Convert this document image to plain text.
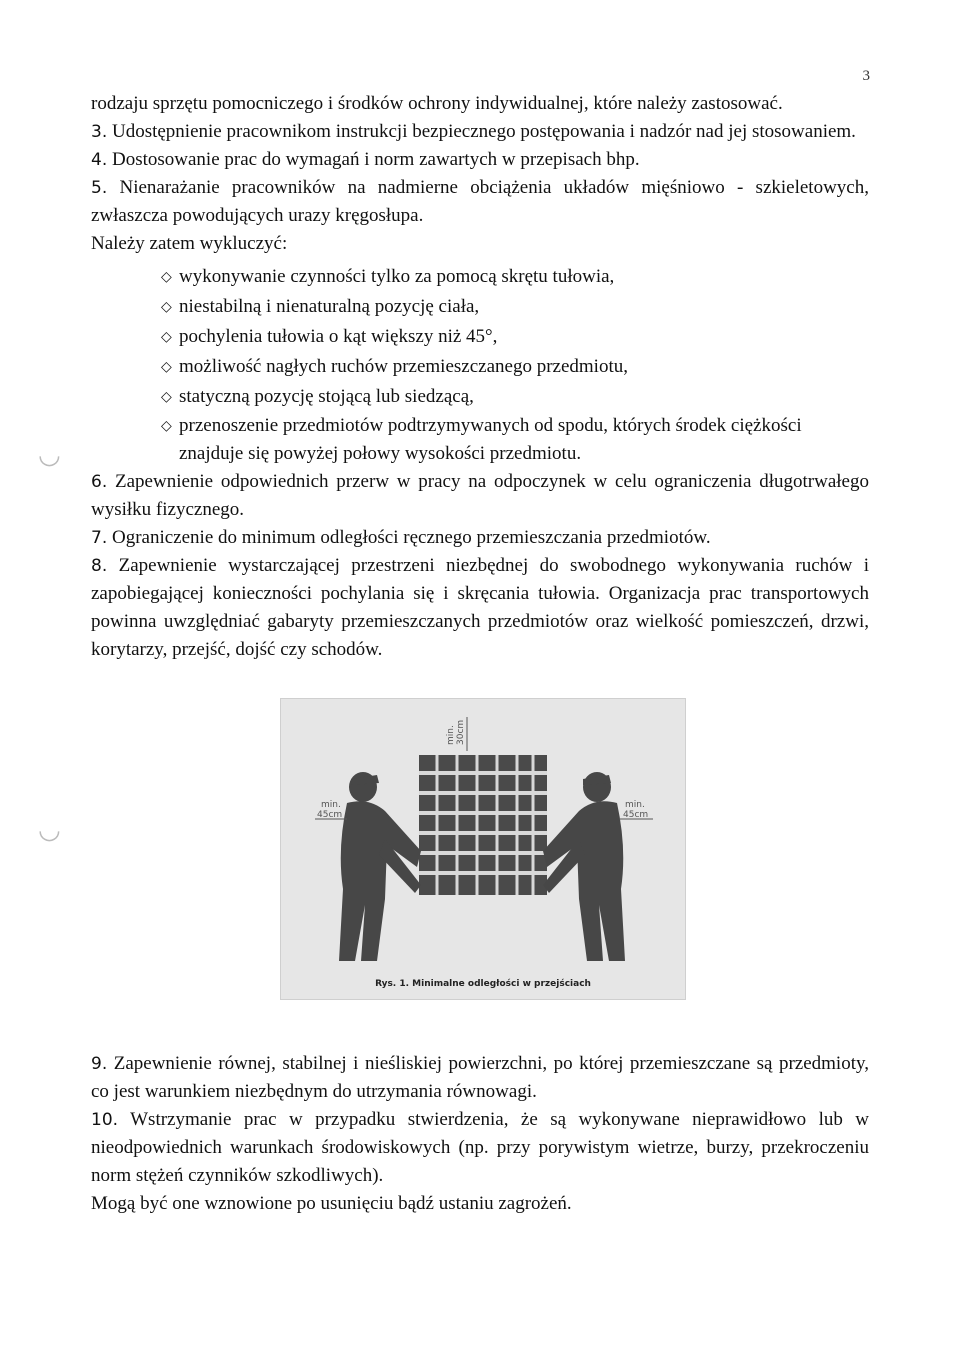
3
◡
◡

rodzaju sprzętu pomocniczego i środków ochrony indywidualnej, które należy zastosować.

3. Udostępnienie pracownikom instrukcji bezpiecznego postępowania i nadzór nad jej stosowaniem.

4. Dostosowanie prac do wymagań i norm zawartych w przepisach bhp.

5. Nienarażanie pracowników na nadmierne obciążenia układów mięśniowo - szkieletowych, zwłaszcza powodujących urazy kręgosłupa.

Należy zatem wykluczyć:

◇ wykonywanie czynności tylko za pomocą skrętu tułowia,
◇ niestabilną i nienaturalną pozycję ciała,
◇ pochylenia tułowia o kąt większy niż 45°,
◇ możliwość nagłych ruchów przemieszczanego przedmiotu,
◇ statyczną pozycję stojącą lub siedzącą,
◇ przenoszenie przedmiotów podtrzymywanych od spodu, których środek ciężkości znajduje się powyżej połowy wysokości przedmiotu.

6. Zapewnienie odpowiednich przerw w pracy na odpoczynek w celu ograniczenia długotrwałego wysiłku fizycznego.

7. Ograniczenie do minimum odległości ręcznego przemieszczania przedmiotów.

8. Zapewnienie wystarczającej przestrzeni niezbędnej do swobodnego wykonywania ruchów i zapobiegającej konieczności pochylania się i skręcania tułowia. Organizacja prac transportowych powinna uwzględniać gabaryty przemieszczanych przedmiotów oraz wielkość pomieszczeń, drzwi, korytarzy, przejść, dojść czy schodów.

min.
45cm
min.
45cm
min. 30cm
Rys. 1. Minimalne odległości w przejściach

9. Zapewnienie równej, stabilnej i nieśliskiej powierzchni, po której przemieszczane są przedmioty, co jest warunkiem niezbędnym do utrzymania równowagi.

10. Wstrzymanie prac w przypadku stwierdzenia, że są wykonywane nieprawidłowo lub w nieodpowiednich warunkach środowiskowych (np. przy porywistym wietrze, burzy, przekroczeniu norm stężeń czynników szkodliwych).

Mogą być one wznowione po usunięciu bądź ustaniu zagrożeń.
